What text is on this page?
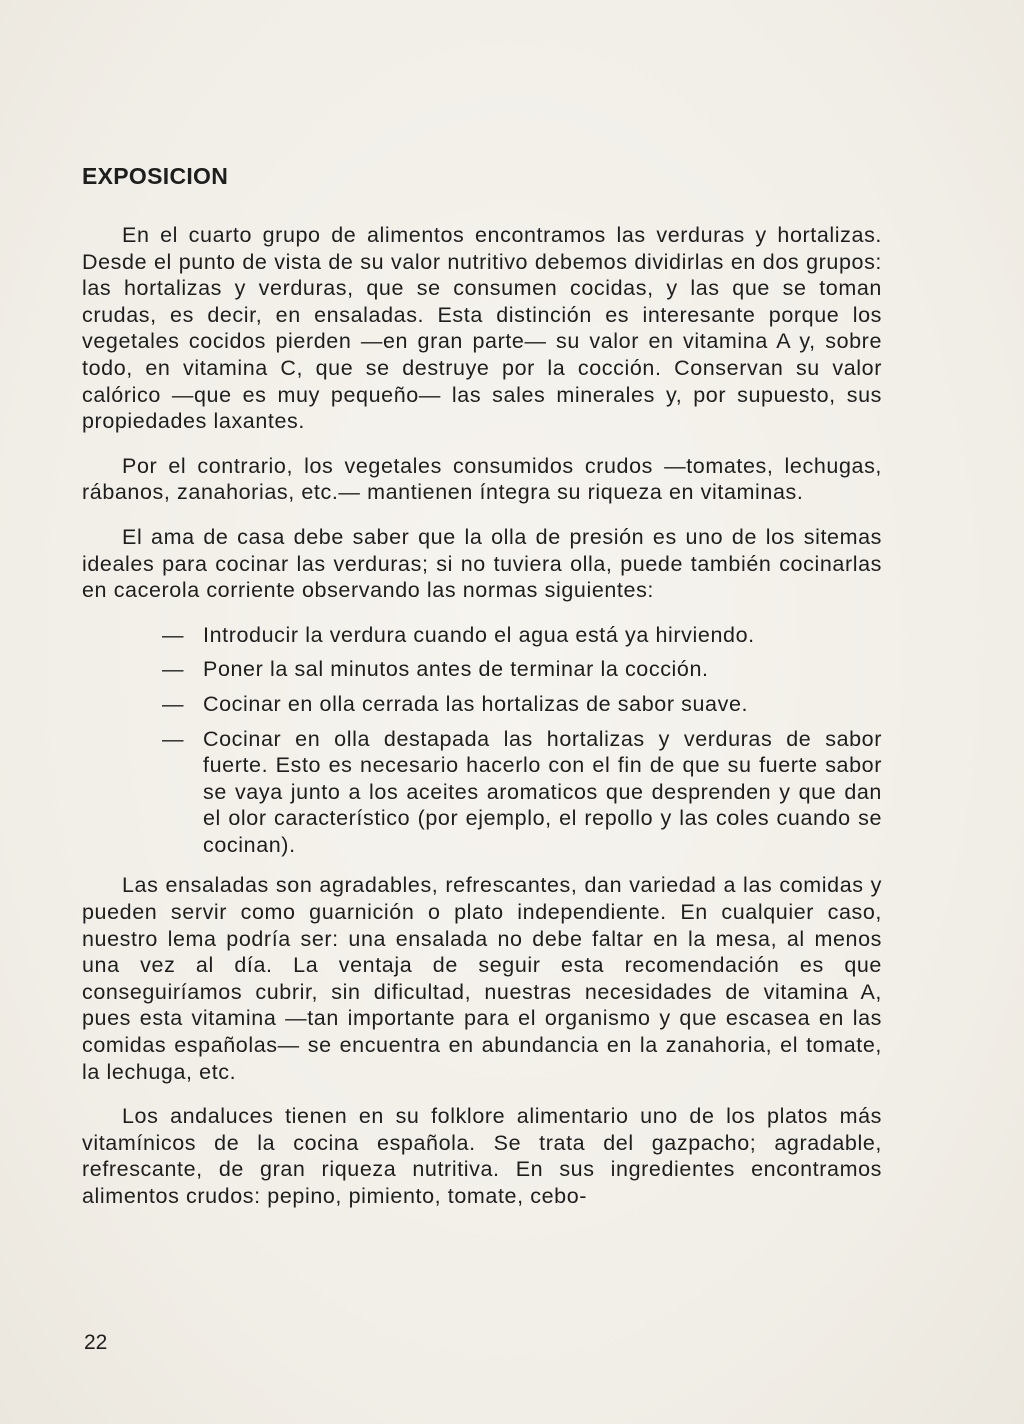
EXPOSICION

En el cuarto grupo de alimentos encontramos las verduras y hortalizas. Desde el punto de vista de su valor nutritivo debemos dividirlas en dos grupos: las hortalizas y verduras, que se consumen cocidas, y las que se toman crudas, es decir, en ensaladas. Esta distinción es interesante porque los vegetales cocidos pierden —en gran parte— su valor en vitamina A y, sobre todo, en vitamina C, que se destruye por la cocción. Conservan su valor calórico —que es muy pequeño— las sales minerales y, por supuesto, sus propiedades laxantes.

Por el contrario, los vegetales consumidos crudos —tomates, lechugas, rábanos, zanahorias, etc.— mantienen íntegra su riqueza en vitaminas.

El ama de casa debe saber que la olla de presión es uno de los sitemas ideales para cocinar las verduras; si no tuviera olla, puede también cocinarlas en cacerola corriente observando las normas siguientes:

— Introducir la verdura cuando el agua está ya hirviendo.
— Poner la sal minutos antes de terminar la cocción.
— Cocinar en olla cerrada las hortalizas de sabor suave.
— Cocinar en olla destapada las hortalizas y verduras de sabor fuerte. Esto es necesario hacerlo con el fin de que su fuerte sabor se vaya junto a los aceites aromaticos que desprenden y que dan el olor característico (por ejemplo, el repollo y las coles cuando se cocinan).

Las ensaladas son agradables, refrescantes, dan variedad a las comidas y pueden servir como guarnición o plato independiente. En cualquier caso, nuestro lema podría ser: una ensalada no debe faltar en la mesa, al menos una vez al día. La ventaja de seguir esta recomendación es que conseguiríamos cubrir, sin dificultad, nuestras necesidades de vitamina A, pues esta vitamina —tan importante para el organismo y que escasea en las comidas españolas— se encuentra en abundancia en la zanahoria, el tomate, la lechuga, etc.

Los andaluces tienen en su folklore alimentario uno de los platos más vitamínicos de la cocina española. Se trata del gazpacho; agradable, refrescante, de gran riqueza nutritiva. En sus ingredientes encontramos alimentos crudos: pepino, pimiento, tomate, cebo-

22
